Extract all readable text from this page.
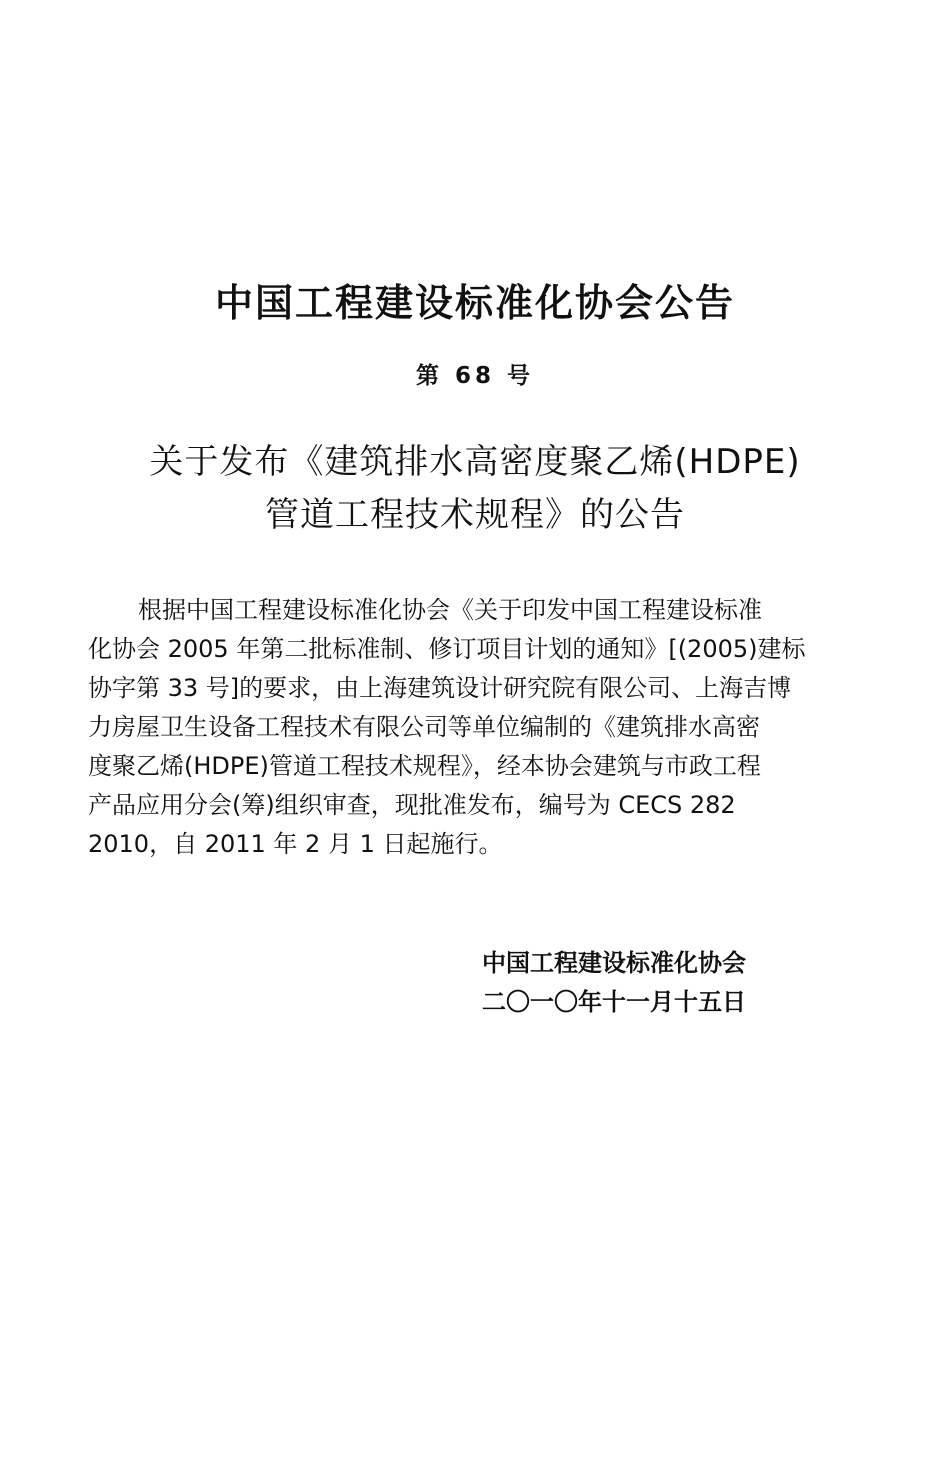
中国工程建设标准化协会公告
第 68 号
关于发布《建筑排水高密度聚乙烯(HDPE)
管道工程技术规程》的公告
根据中国工程建设标准化协会《关于印发中国工程建设标准
化协会 2005 年第二批标准制、修订项目计划的通知》[(2005)建标
协字第 33 号]的要求，由上海建筑设计研究院有限公司、上海吉博
力房屋卫生设备工程技术有限公司等单位编制的《建筑排水高密
度聚乙烯(HDPE)管道工程技术规程》，经本协会建筑与市政工程
产品应用分会(筹)组织审查，现批准发布，编号为 CECS 282
2010，自 2011 年 2 月 1 日起施行。
中国工程建设标准化协会
二〇一〇年十一月十五日
